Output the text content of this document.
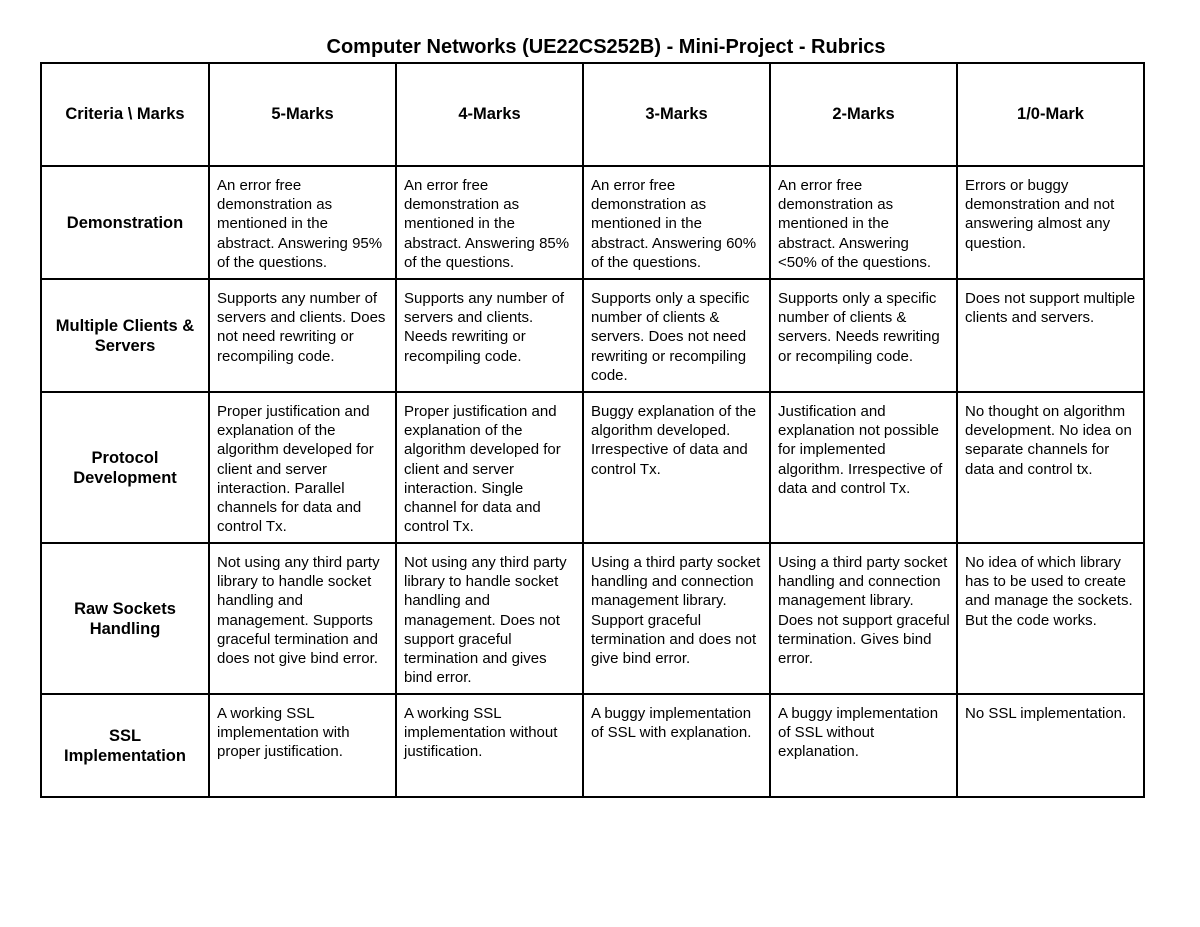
Computer Networks (UE22CS252B) - Mini-Project - Rubrics
Criteria \ Marks	5-Marks	4-Marks	3-Marks	2-Marks	1/0-Mark
Demonstration	An error free demonstration as mentioned in the abstract. Answering 95% of the questions.	An error free demonstration as mentioned in the abstract. Answering 85% of the questions.	An error free demonstration as mentioned in the abstract. Answering 60% of the questions.	An error free demonstration as mentioned in the abstract. Answering <50% of the questions.	Errors or buggy demonstration and not answering almost any question.
Multiple Clients & Servers	Supports any number of servers and clients. Does not need rewriting or recompiling code.	Supports any number of servers and clients. Needs rewriting or recompiling code.	Supports only a specific number of clients & servers. Does not need rewriting or recompiling code.	Supports only a specific number of clients & servers. Needs rewriting or recompiling code.	Does not support multiple clients and servers.
Protocol Development	Proper justification and explanation of the algorithm developed for client and server interaction. Parallel channels for data and control Tx.	Proper justification and explanation of the algorithm developed for client and server interaction. Single channel for data and control Tx.	Buggy explanation of the algorithm developed. Irrespective of data and control Tx.	Justification and explanation not possible for implemented algorithm. Irrespective of data and control Tx.	No thought on algorithm development. No idea on separate channels for data and control tx.
Raw Sockets Handling	Not using any third party library to handle socket handling and management. Supports graceful termination and does not give bind error.	Not using any third party library to handle socket handling and management. Does not support graceful termination and gives bind error.	Using a third party socket handling and connection management library. Support graceful termination and does not give bind error.	Using a third party socket handling and connection management library. Does not support graceful termination. Gives bind error.	No idea of which library has to be used to create and manage the sockets. But the code works.
SSL Implementation	A working SSL implementation with proper justification.	A working SSL implementation without justification.	A buggy implementation of SSL with explanation.	A buggy implementation of SSL without explanation.	No SSL implementation.
